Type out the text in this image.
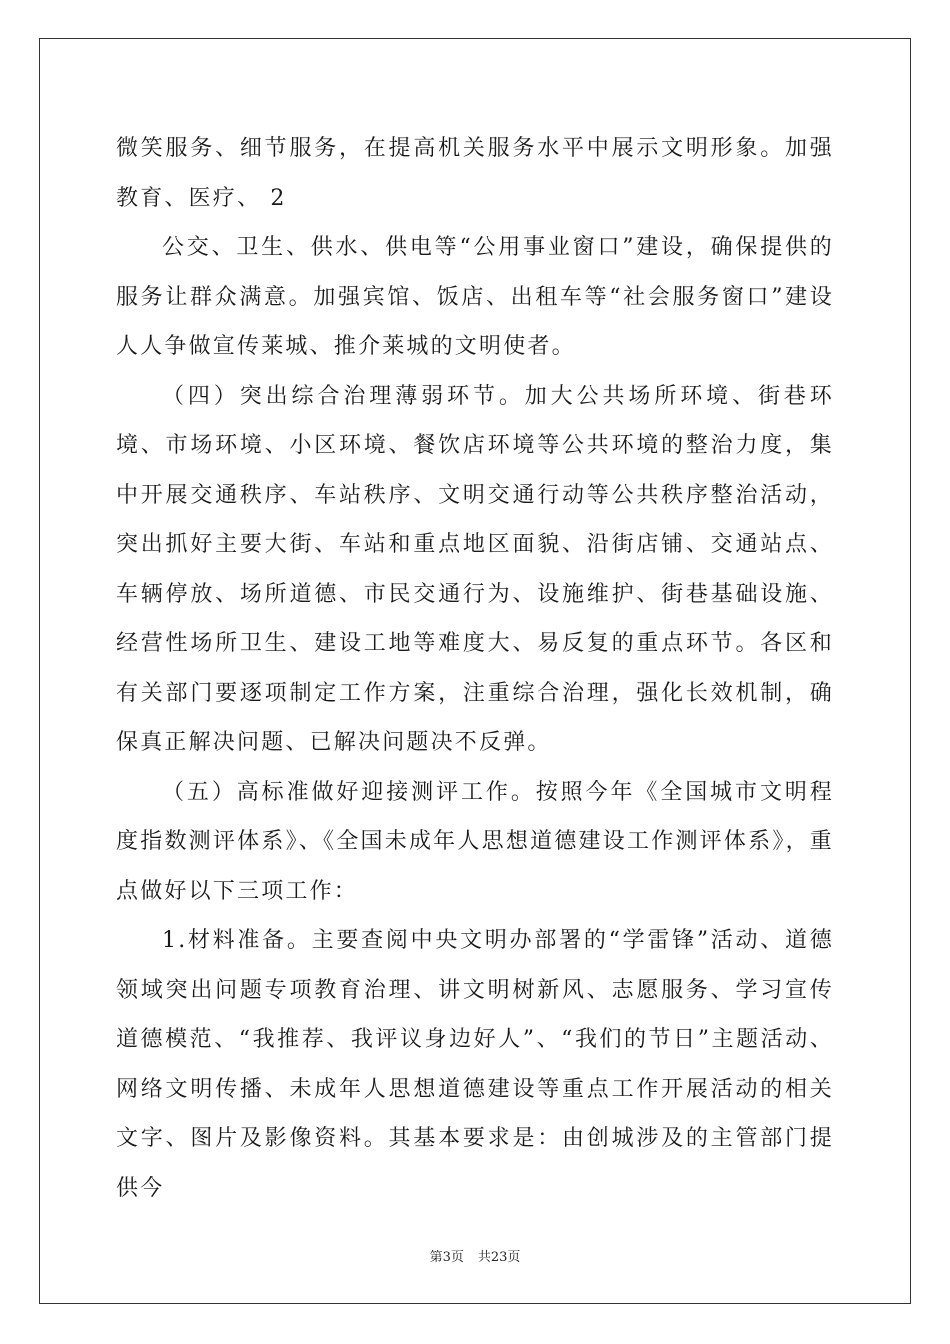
微笑服务、细节服务，在提高机关服务水平中展示文明形象。加强教育、医疗、 2

公交、卫生、供水、供电等“公用事业窗口”建设，确保提供的服务让群众满意。加强宾馆、饭店、出租车等“社会服务窗口”建设人人争做宣传莱城、推介莱城的文明使者。

（四）突出综合治理薄弱环节。加大公共场所环境、街巷环境、市场环境、小区环境、餐饮店环境等公共环境的整治力度，集中开展交通秩序、车站秩序、文明交通行动等公共秩序整治活动，突出抓好主要大街、车站和重点地区面貌、沿街店铺、交通站点、车辆停放、场所道德、市民交通行为、设施维护、街巷基础设施、经营性场所卫生、建设工地等难度大、易反复的重点环节。各区和有关部门要逐项制定工作方案，注重综合治理，强化长效机制，确保真正解决问题、已解决问题决不反弹。

（五）高标准做好迎接测评工作。按照今年《全国城市文明程度指数测评体系》、《全国未成年人思想道德建设工作测评体系》，重点做好以下三项工作：

1.材料准备。主要查阅中央文明办部署的“学雷锋”活动、道德领域突出问题专项教育治理、讲文明树新风、志愿服务、学习宣传道德模范、“我推荐、我评议身边好人”、“我们的节日”主题活动、网络文明传播、未成年人思想道德建设等重点工作开展活动的相关文字、图片及影像资料。其基本要求是：由创城涉及的主管部门提供今

第3页 共23页
